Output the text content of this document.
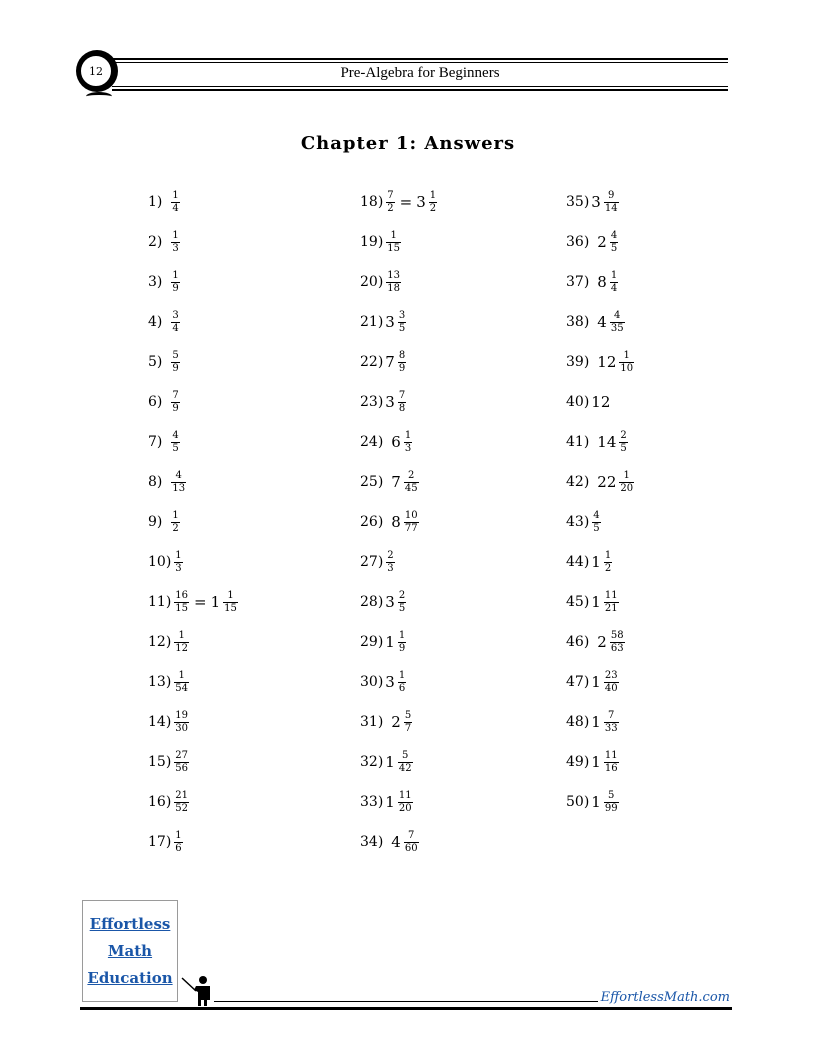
12	Pre-Algebra for Beginners
Chapter 1: Answers
$1) \frac{1}{4}$
$2) \frac{1}{3}$
$3) \frac{1}{9}$
$4) \frac{3}{4}$
$5) \frac{5}{9}$
$6) \frac{7}{9}$
$7) \frac{4}{5}$
$8) \frac{4}{13}$
$9) \frac{1}{2}$
$10) \frac{1}{3}$
$11) \frac{16}{15} = 1 \frac{1}{15}$
$12) \frac{1}{12}$
$13) \frac{1}{54}$
$14) \frac{19}{30}$
$15) \frac{27}{56}$
$16) \frac{21}{52}$
$17) \frac{1}{6}$
$18) \frac{7}{2} = 3 \frac{1}{2}$
$19) \frac{1}{15}$
$20) \frac{13}{18}$
21) $3 \frac{3}{5}$
22) $7 \frac{8}{9}$
23) $3 \frac{7}{8}$
24) $6 \frac{1}{3}$
25) $7 \frac{2}{45}$
26) $8 \frac{10}{77}$
$27) \frac{2}{3}$
28) $3 \frac{2}{5}$
29) $1 \frac{1}{9}$
30) $3 \frac{1}{6}$
31) $2 \frac{5}{7}$
32) $1 \frac{5}{42}$
33) $1 \frac{11}{20}$
34) $4 \frac{7}{60}$
35) $3 \frac{9}{14}$
36) $2 \frac{4}{5}$
37) $8 \frac{1}{4}$
38) $4 \frac{4}{35}$
39) $12 \frac{1}{10}$
40) 12
41) $14 \frac{2}{5}$
42) $22 \frac{1}{20}$
$43) \frac{4}{5}$
44) $1 \frac{1}{2}$
45) $1 \frac{11}{21}$
46) $2 \frac{58}{63}$
47) $1 \frac{23}{40}$
48) $1 \frac{7}{33}$
49) $1 \frac{11}{16}$
50) $1 \frac{5}{99}$
Effortless
Math
Education
EffortlessMath.com
